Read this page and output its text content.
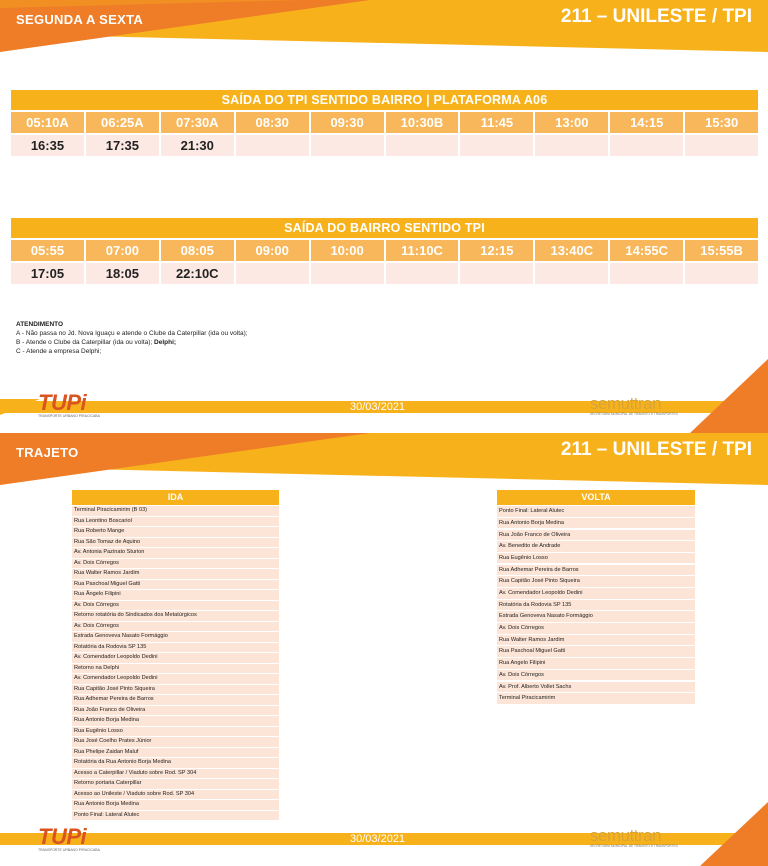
SEGUNDA A SEXTA	211 – UNILESTE / TPI
SAÍDA DO TPI SENTIDO BAIRRO | PLATAFORMA A06
05:10A	06:25A	07:30A	08:30	09:30	10:30B	11:45	13:00	14:15	15:30
16:35	17:35	21:30
SAÍDA DO BAIRRO SENTIDO TPI
05:55	07:00	08:05	09:00	10:00	11:10C	12:15	13:40C	14:55C	15:55B
17:05	18:05	22:10C
ATENDIMENTO
A - Não passa no Jd. Nova Iguaçu e atende o Clube da Caterpillar (ida ou volta);
B - Atende o Clube da Caterpillar (ida ou volta); Delphi;
C - Atende a empresa Delphi;
TUPi
TRANSPORTE URBANO PIRACICABA
30/03/2021	semuttran
SECRETARIA MUNICIPAL DE TRÂNSITO E TRANSPORTES
TRAJETO	211 – UNILESTE / TPI
IDA
Terminal Piracicamirim (B 03)
Rua Leontino Boscariol
Rua Roberto Mange
Rua São Tomaz de Aquino
Av. Antonia Pazinato Sturion
Av. Dois Córregos
Rua Walter Ramos Jardim
Rua Paschoal Miguel Gatti
Rua Ângelo Filipini
Av. Dois Córregos
Retorno rotatória do Sindicados dos Metatúrgicos
Av. Dois Córregos
Estrada Genoveva Nasato Formággio
Rotatória da Rodovia SP 135
Av. Comendador Leopoldo Dedini
Retorno na Delphi
Av. Comendador Leopoldo Dedini
Rua Capitão José Pinto Siqueira
Rua Adhemar Pereira de Barros
Rua João Franco de Oliveira
Rua Antonio Borja Medina
Rua Eugênio Losso
Rua José Coelho Prates Júnior
Rua Phelipe Zaidan Maluf
Rotatória da Rua Antonio Borja Medina
Acesso a Caterpillar / Viaduto sobre Rod. SP 304
Retorno portaria Caterpillar
Acesso ao Unileste / Viaduto sobre Rod. SP 304
Rua Antonio Borja Medina
Ponto Final: Lateral Alutec
VOLTA
Ponto Final: Lateral Alutec
Rua Antonio Borja Medina
Rua João Franco de Oliveira
Av. Benedito de Andrade
Rua Eugênio Losso
Rua Adhemar Pereira de Barros
Rua Capitão José Pinto Siqueira
Av. Comendador Leopoldo Dedini
Rotatória da Rodovia SP 135
Estrada Genoveva Nasato Formággio
Av. Dois Córregos
Rua Walter Ramos Jardim
Rua Paschoal Miguel Gatti
Rua Angelo Filipini
Av. Dois Córregos
Av. Prof. Alberto Vollet Sachs
Terminal Piracicamirim
TUPi
TRANSPORTE URBANO PIRACICABA
30/03/2021	semuttran
SECRETARIA MUNICIPAL DE TRÂNSITO E TRANSPORTES
